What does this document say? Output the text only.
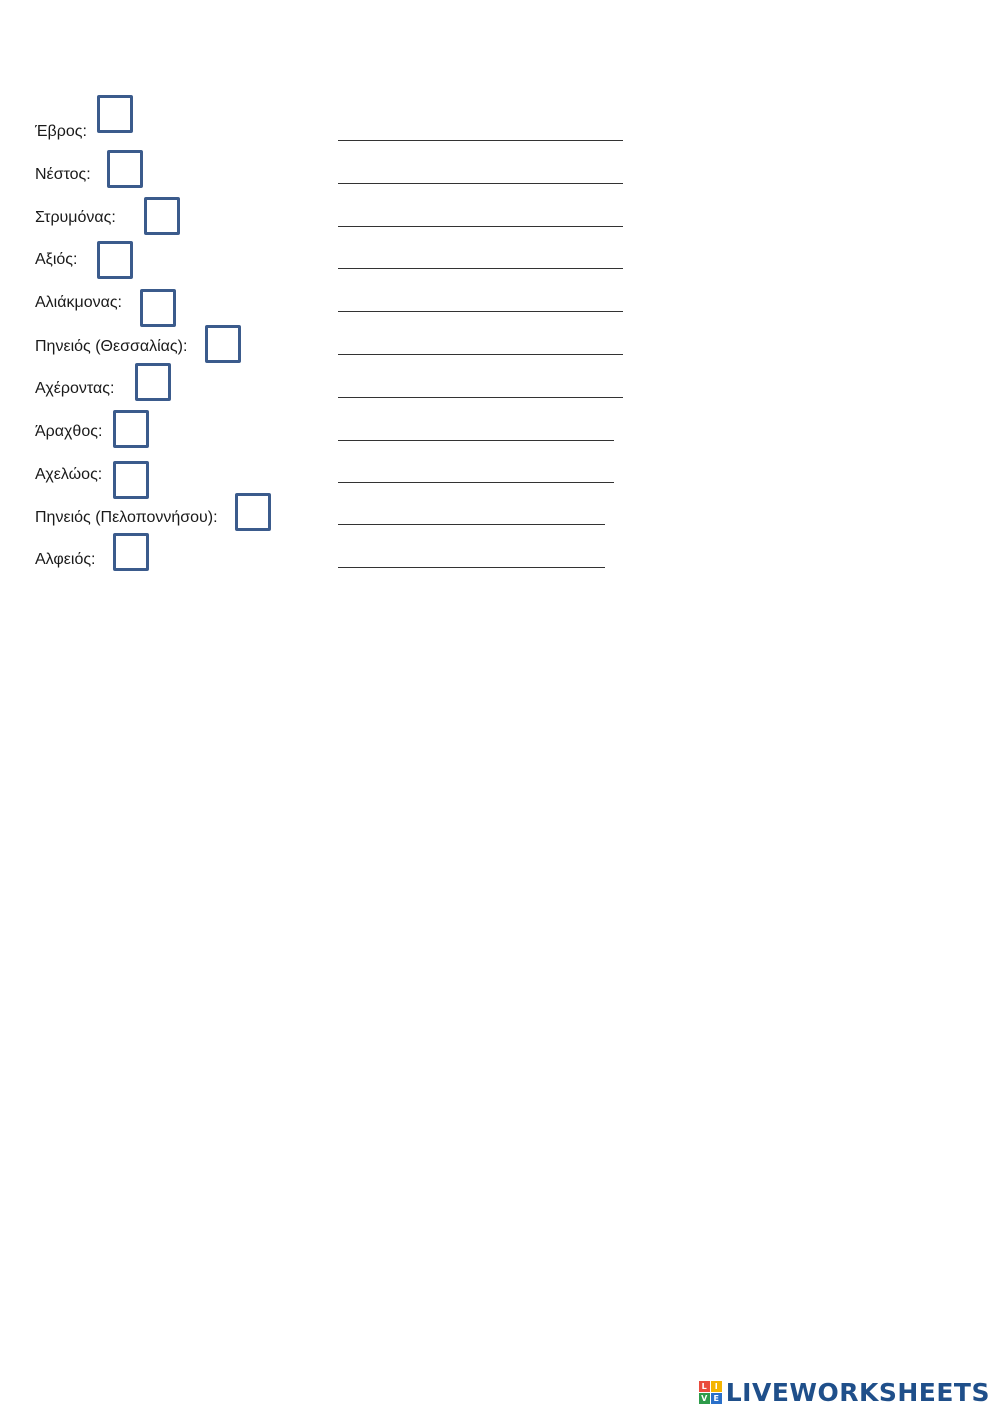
Έβρος:
Νέστος:
Στρυμόνας:
Αξιός:
Αλιάκμονας:
Πηνειός (Θεσσαλίας):
Αχέροντας:
Άραχθος:
Αχελώος:
Πηνειός (Πελοποννήσου):
Αλφειός:
L I
V E LIVEWORKSHEETS
